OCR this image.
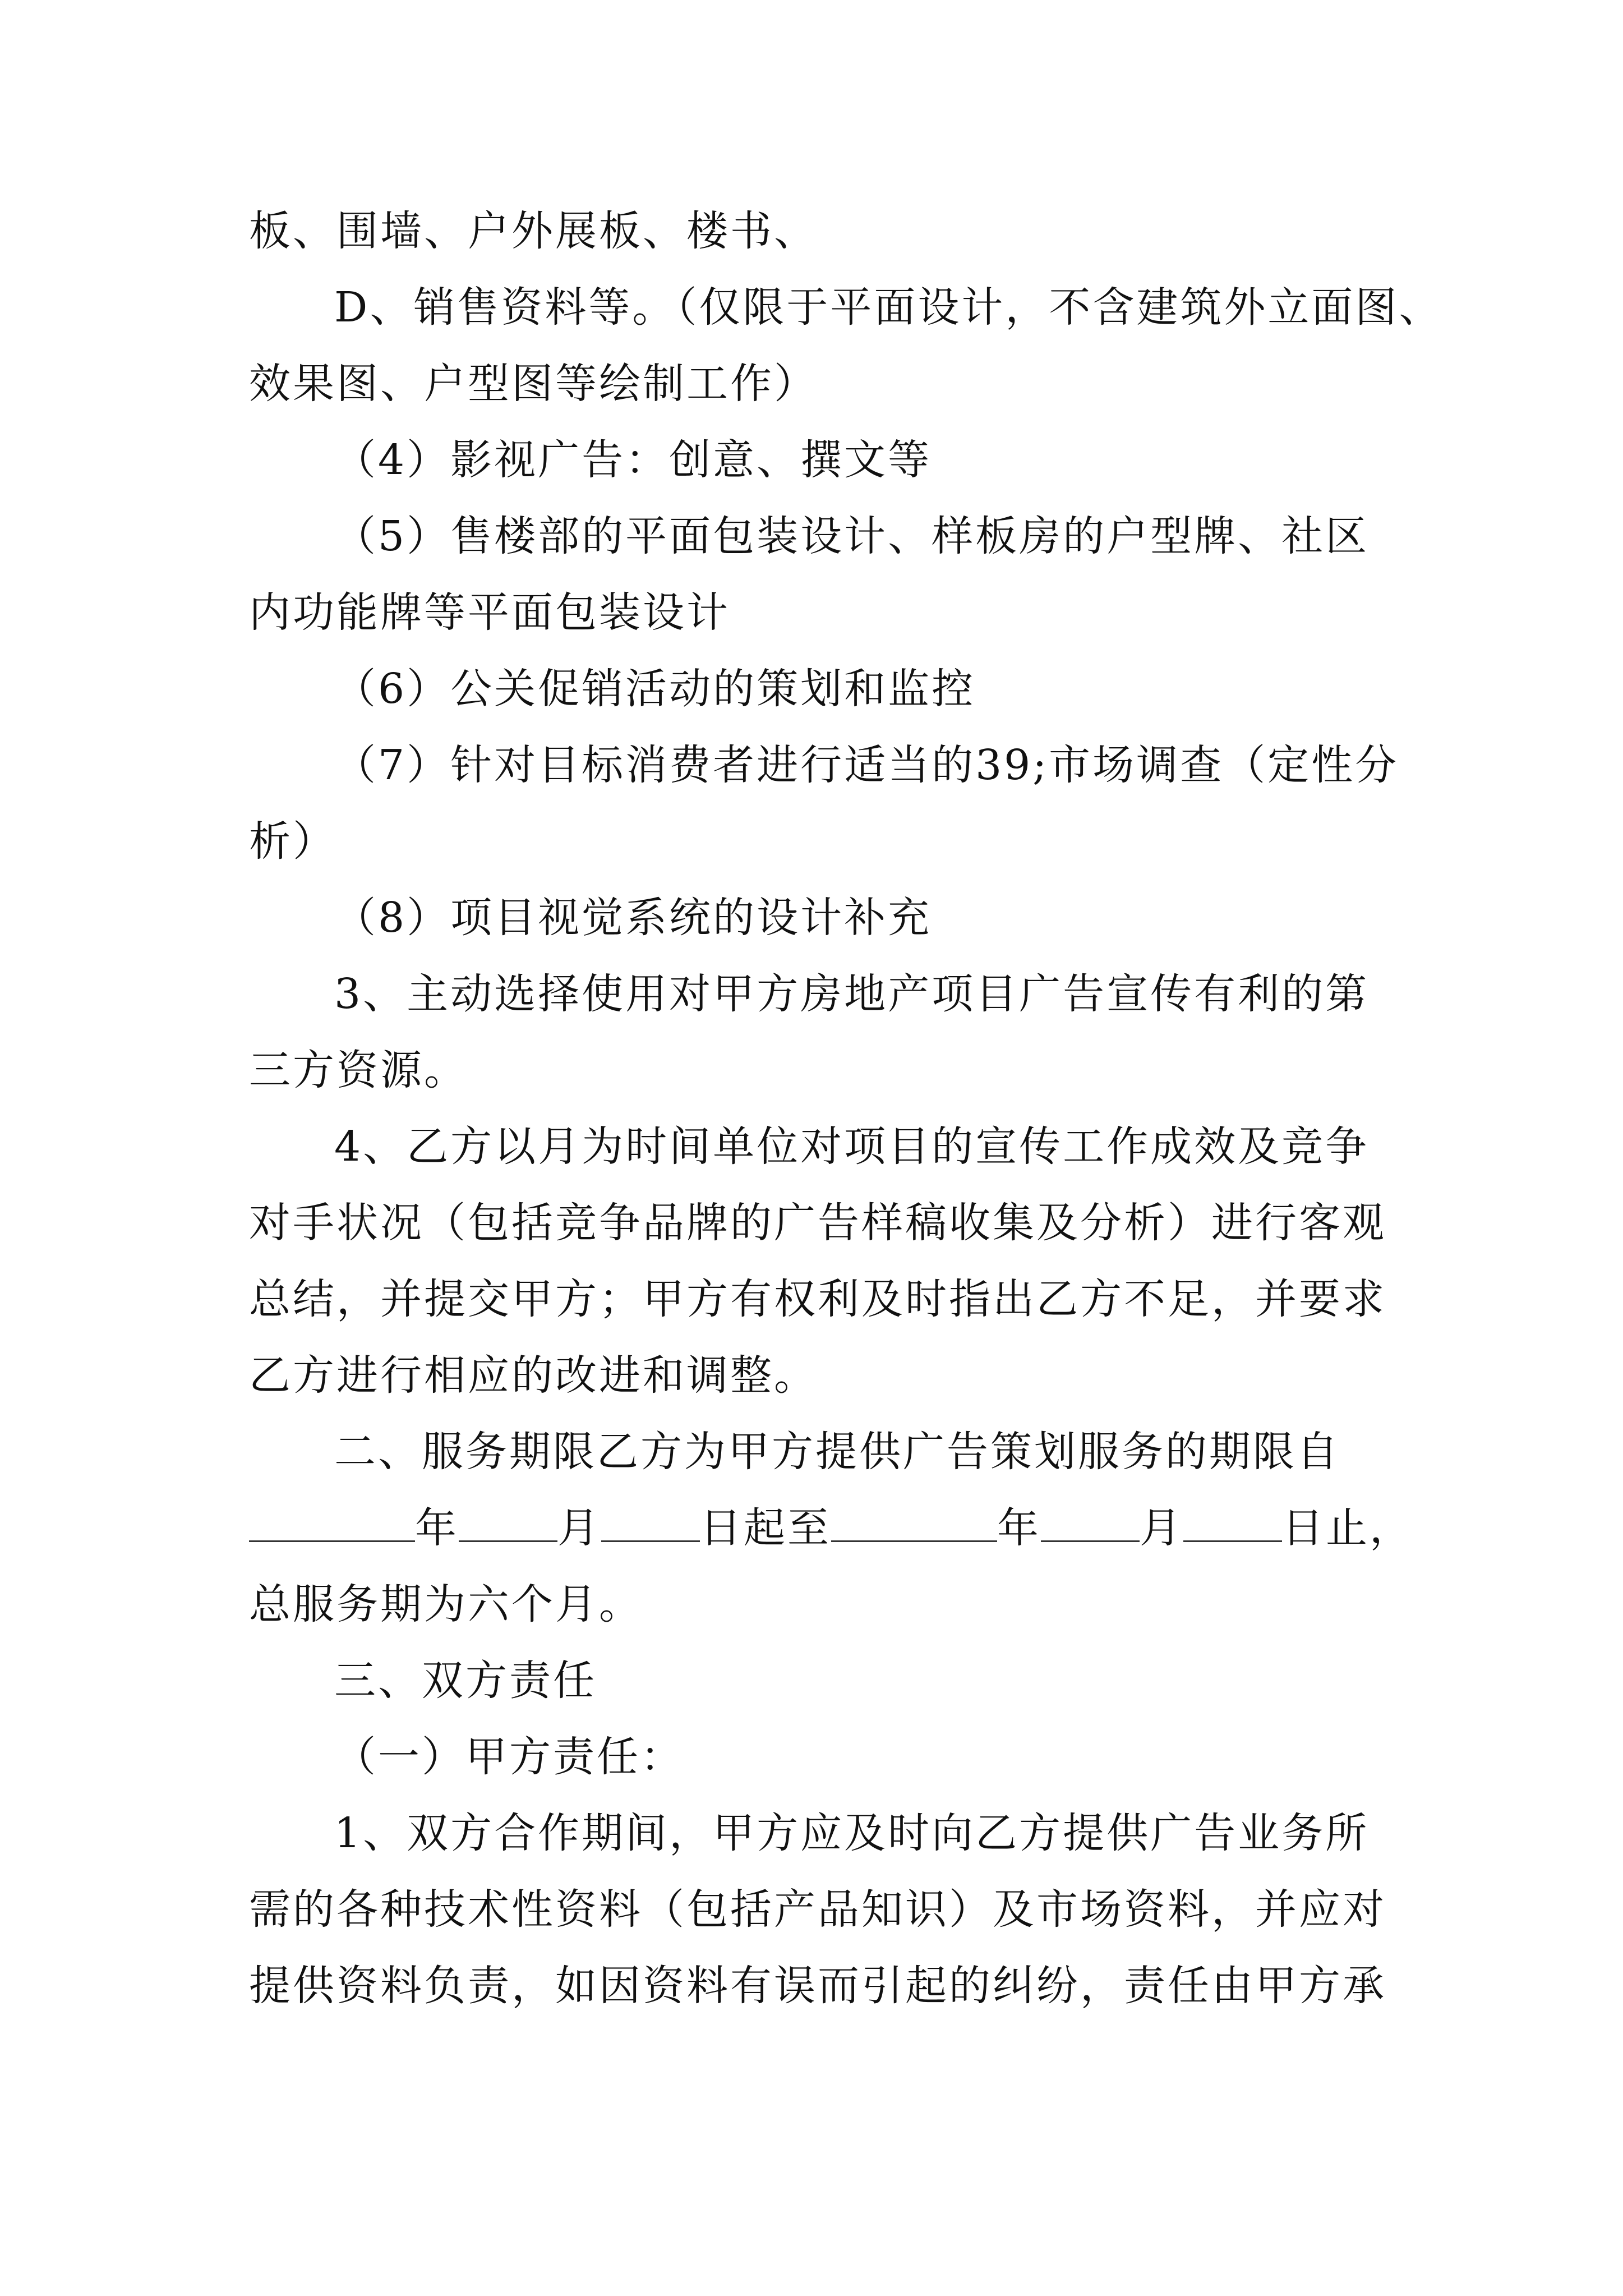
板、围墙、户外展板、楼书、
D、销售资料等。（仅限于平面设计，不含建筑外立面图、
效果图、户型图等绘制工作）
（4）影视广告：创意、撰文等
（5）售楼部的平面包装设计、样板房的户型牌、社区
内功能牌等平面包装设计
（6）公关促销活动的策划和监控
（7）针对目标消费者进行适当的39;市场调查（定性分
析）
（8）项目视觉系统的设计补充
3、主动选择使用对甲方房地产项目广告宣传有利的第
三方资源。
4、乙方以月为时间单位对项目的宣传工作成效及竞争
对手状况（包括竞争品牌的广告样稿收集及分析）进行客观
总结，并提交甲方；甲方有权利及时指出乙方不足，并要求
乙方进行相应的改进和调整。
二、服务期限乙方为甲方提供广告策划服务的期限自
年 月 日起至	年 月 日止，
总服务期为六个月。
三、双方责任
（一）甲方责任：
1、双方合作期间，甲方应及时向乙方提供广告业务所
需的各种技术性资料（包括产品知识）及市场资料，并应对
提供资料负责，如因资料有误而引起的纠纷，责任由甲方承
